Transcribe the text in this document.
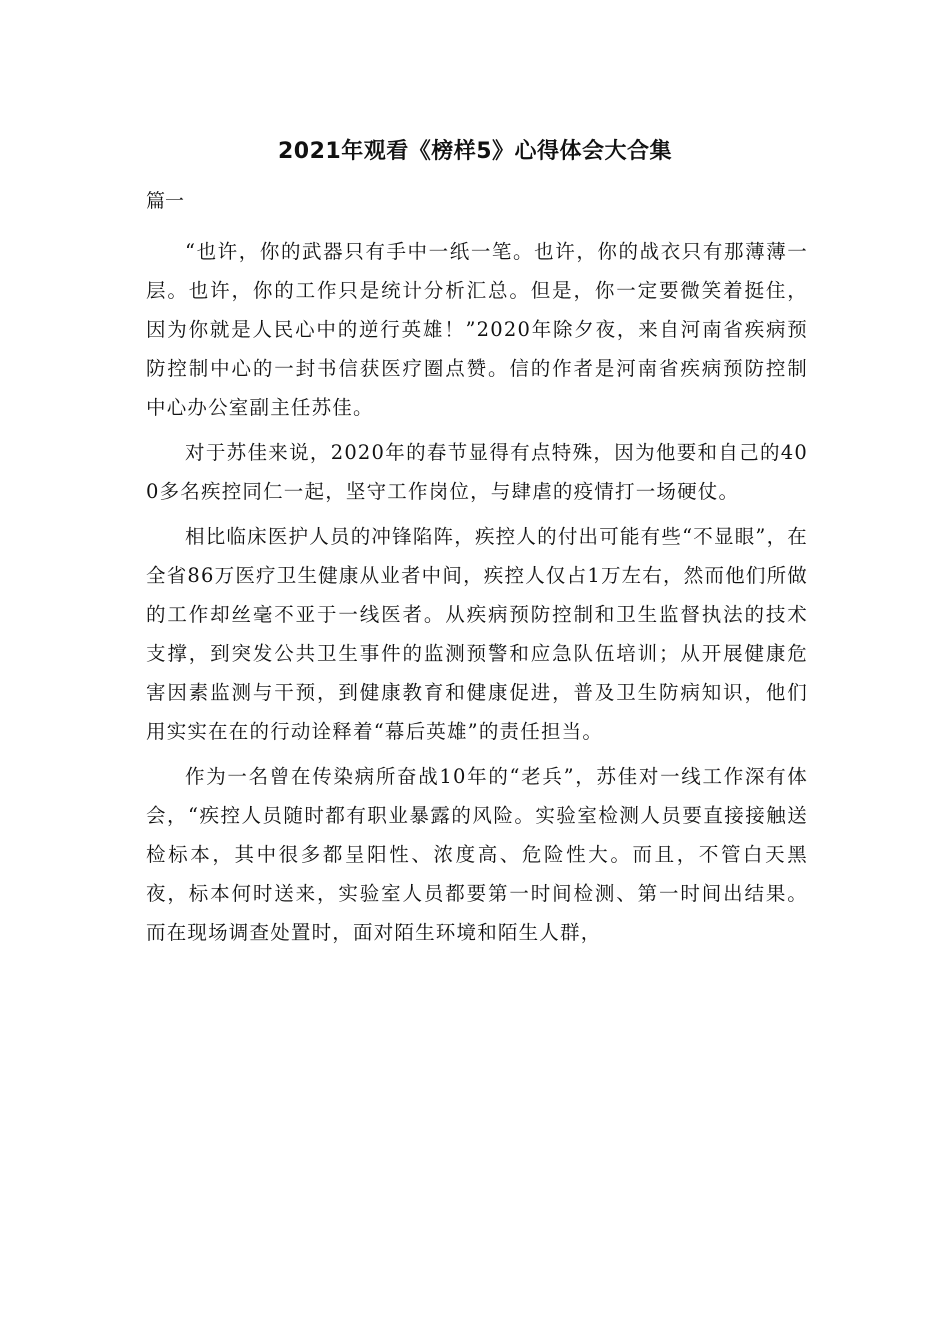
2021年观看《榜样5》心得体会大合集

篇一

“也许，你的武器只有手中一纸一笔。也许，你的战衣只有那薄薄一层。也许，你的工作只是统计分析汇总。但是，你一定要微笑着挺住，因为你就是人民心中的逆行英雄！”2020年除夕夜，来自河南省疾病预防控制中心的一封书信获医疗圈点赞。信的作者是河南省疾病预防控制中心办公室副主任苏佳。

对于苏佳来说，2020年的春节显得有点特殊，因为他要和自己的400多名疾控同仁一起，坚守工作岗位，与肆虐的疫情打一场硬仗。

相比临床医护人员的冲锋陷阵，疾控人的付出可能有些“不显眼”，在全省86万医疗卫生健康从业者中间，疾控人仅占1万左右，然而他们所做的工作却丝毫不亚于一线医者。从疾病预防控制和卫生监督执法的技术支撑，到突发公共卫生事件的监测预警和应急队伍培训；从开展健康危害因素监测与干预，到健康教育和健康促进，普及卫生防病知识，他们用实实在在的行动诠释着“幕后英雄”的责任担当。

作为一名曾在传染病所奋战10年的“老兵”，苏佳对一线工作深有体会，“疾控人员随时都有职业暴露的风险。实验室检测人员要直接接触送检标本，其中很多都呈阳性、浓度高、危险性大。而且，不管白天黑夜，标本何时送来，实验室人员都要第一时间检测、第一时间出结果。而在现场调查处置时，面对陌生环境和陌生人群，
